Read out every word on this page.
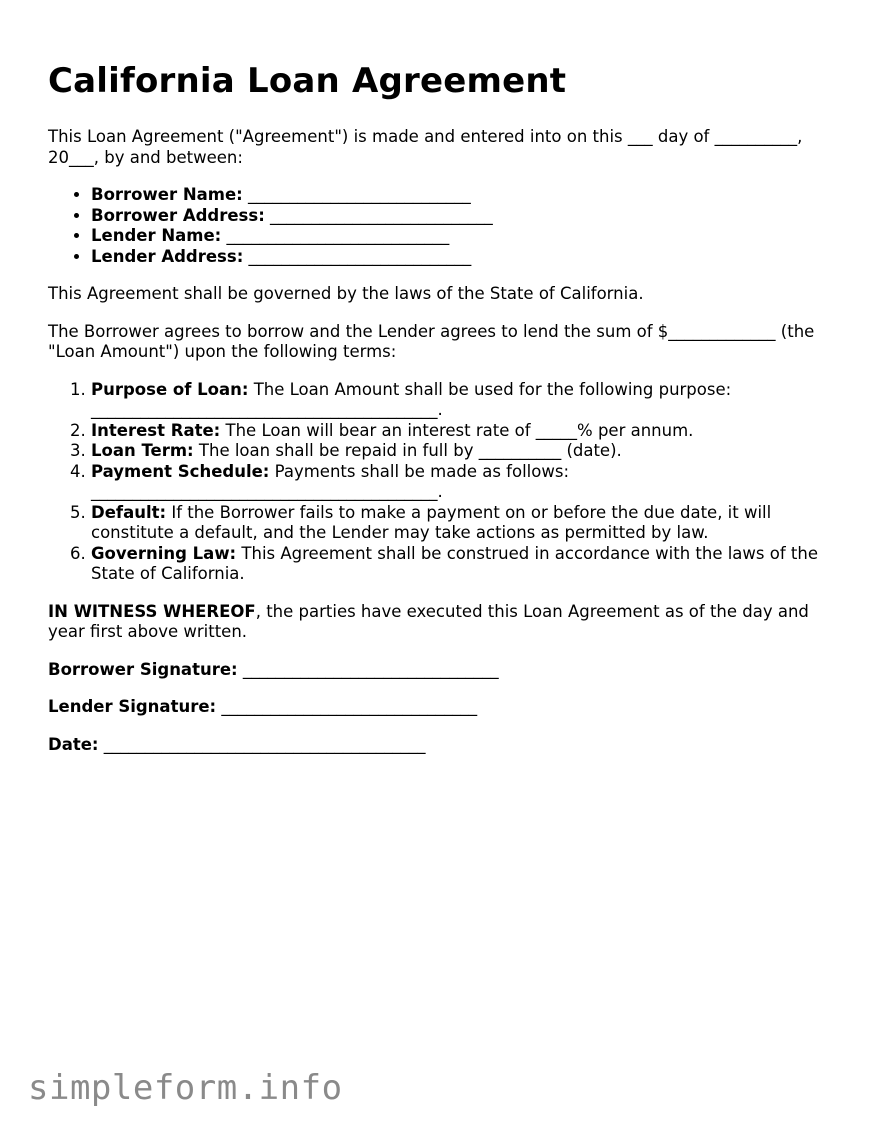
California Loan Agreement

This Loan Agreement ("Agreement") is made and entered into on this ___ day of __________, 20___, by and between:

• Borrower Name: ___________________________
• Borrower Address: ___________________________
• Lender Name: ___________________________
• Lender Address: ___________________________

This Agreement shall be governed by the laws of the State of California.

The Borrower agrees to borrow and the Lender agrees to lend the sum of $_____________ (the "Loan Amount") upon the following terms:

1. Purpose of Loan: The Loan Amount shall be used for the following purpose: __________________________________________.
2. Interest Rate: The Loan will bear an interest rate of _____% per annum.
3. Loan Term: The loan shall be repaid in full by __________ (date).
4. Payment Schedule: Payments shall be made as follows: __________________________________________.
5. Default: If the Borrower fails to make a payment on or before the due date, it will constitute a default, and the Lender may take actions as permitted by law.
6. Governing Law: This Agreement shall be construed in accordance with the laws of the State of California.

IN WITNESS WHEREOF, the parties have executed this Loan Agreement as of the day and year first above written.

Borrower Signature: _______________________________

Lender Signature: _______________________________

Date: _______________________________________

simpleform.info
